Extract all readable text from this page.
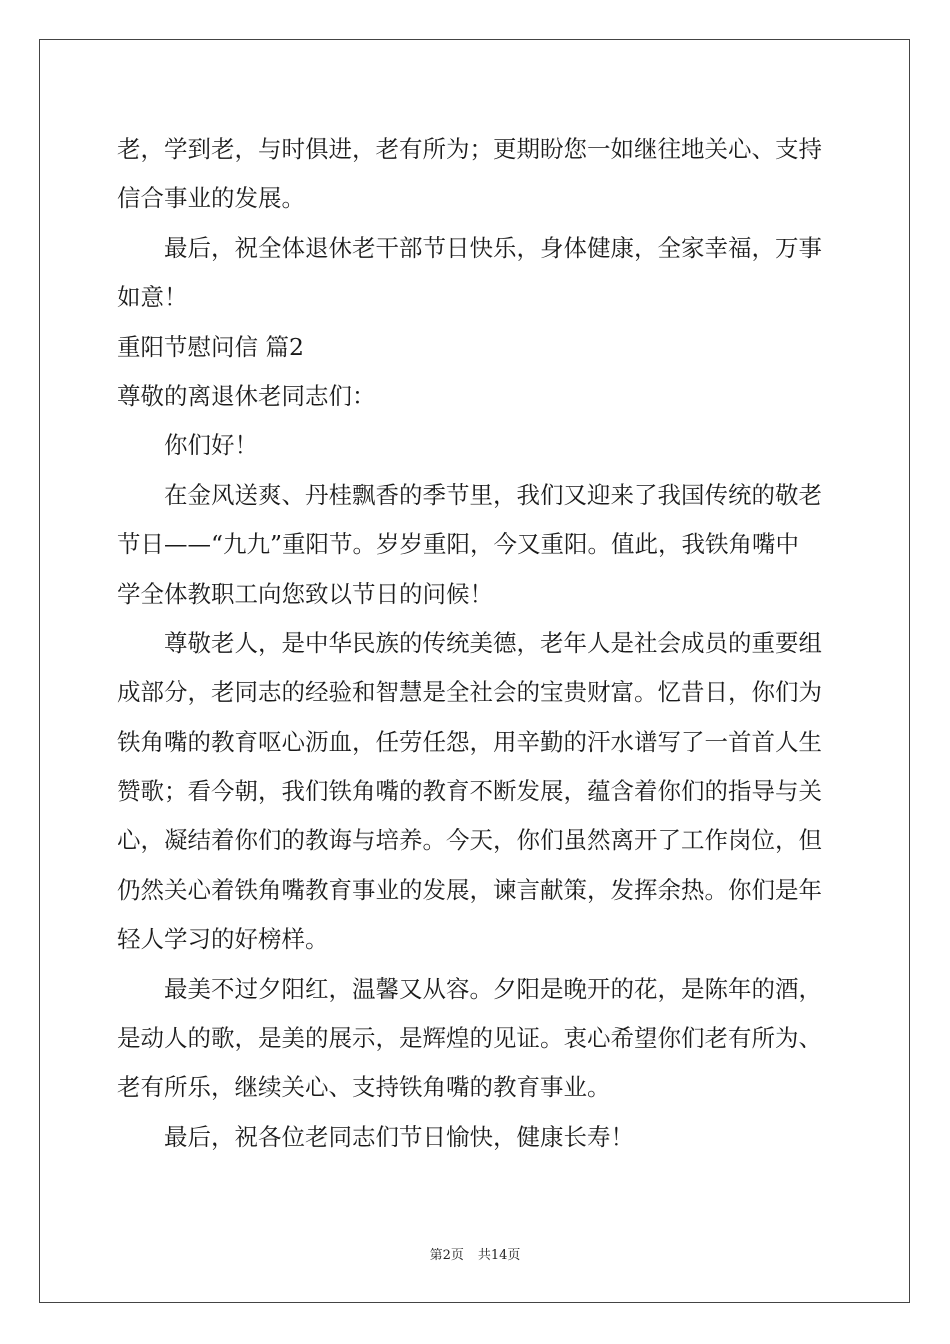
老，学到老，与时俱进，老有所为；更期盼您一如继往地关心、支持
信合事业的发展。
最后，祝全体退休老干部节日快乐，身体健康，全家幸福，万事
如意！
重阳节慰问信 篇2
尊敬的离退休老同志们：
你们好！
在金风送爽、丹桂飘香的季节里，我们又迎来了我国传统的敬老
节日——“九九”重阳节。岁岁重阳，今又重阳。值此，我铁角嘴中
学全体教职工向您致以节日的问候！
尊敬老人，是中华民族的传统美德，老年人是社会成员的重要组
成部分，老同志的经验和智慧是全社会的宝贵财富。忆昔日，你们为
铁角嘴的教育呕心沥血，任劳任怨，用辛勤的汗水谱写了一首首人生
赞歌；看今朝，我们铁角嘴的教育不断发展，蕴含着你们的指导与关
心，凝结着你们的教诲与培养。今天，你们虽然离开了工作岗位，但
仍然关心着铁角嘴教育事业的发展，谏言献策，发挥余热。你们是年
轻人学习的好榜样。
最美不过夕阳红，温馨又从容。夕阳是晚开的花，是陈年的酒，
是动人的歌，是美的展示，是辉煌的见证。衷心希望你们老有所为、
老有所乐，继续关心、支持铁角嘴的教育事业。
最后，祝各位老同志们节日愉快，健康长寿！
第2页 共14页
